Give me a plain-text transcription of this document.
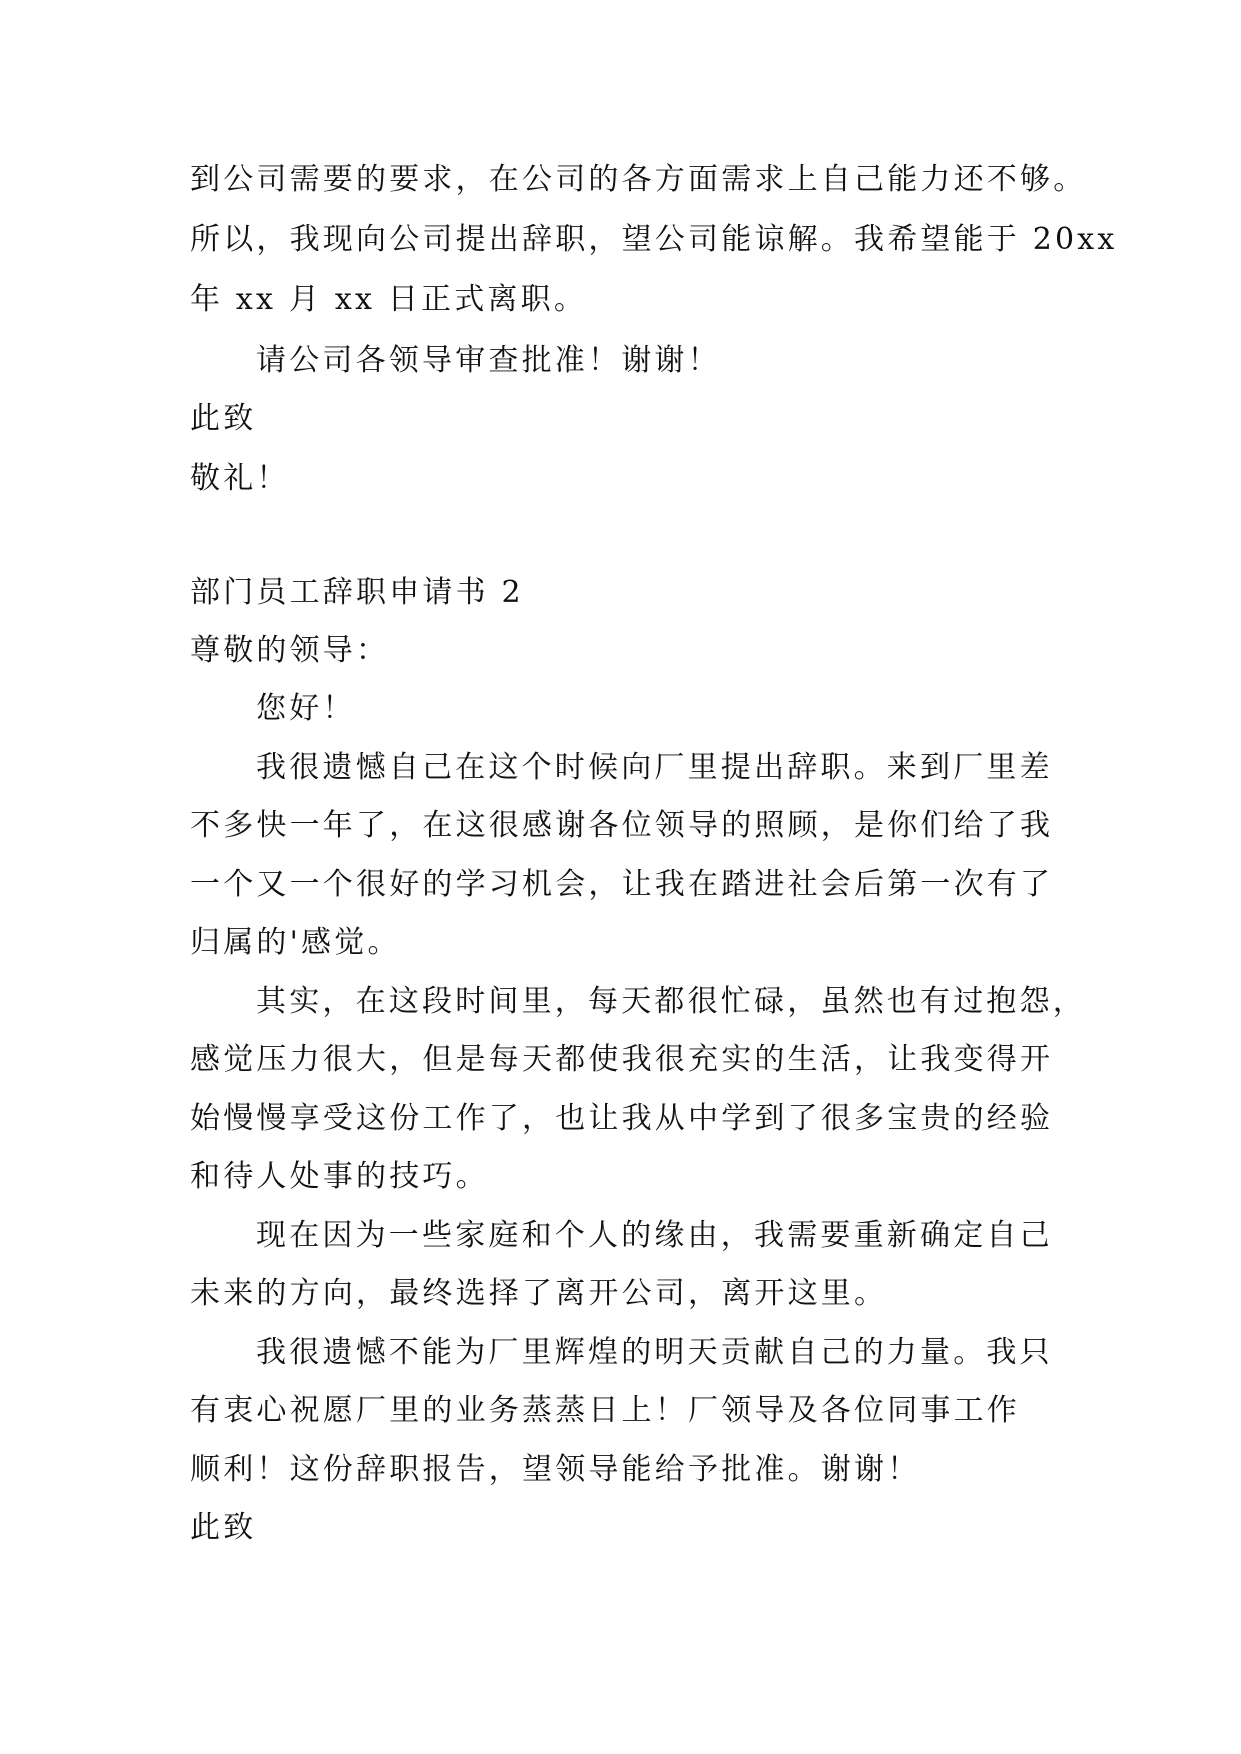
到公司需要的要求，在公司的各方面需求上自己能力还不够。
所以，我现向公司提出辞职，望公司能谅解。我希望能于 20xx
年 xx 月 xx 日正式离职。
请公司各领导审查批准！谢谢！
此致
敬礼！
部门员工辞职申请书 2
尊敬的领导：
您好！
我很遗憾自己在这个时候向厂里提出辞职。来到厂里差
不多快一年了，在这很感谢各位领导的照顾，是你们给了我
一个又一个很好的学习机会，让我在踏进社会后第一次有了
归属的'感觉。
其实，在这段时间里，每天都很忙碌，虽然也有过抱怨，
感觉压力很大，但是每天都使我很充实的生活，让我变得开
始慢慢享受这份工作了，也让我从中学到了很多宝贵的经验
和待人处事的技巧。
现在因为一些家庭和个人的缘由，我需要重新确定自己
未来的方向，最终选择了离开公司，离开这里。
我很遗憾不能为厂里辉煌的明天贡献自己的力量。我只
有衷心祝愿厂里的业务蒸蒸日上！厂领导及各位同事工作
顺利！这份辞职报告，望领导能给予批准。谢谢！
此致
